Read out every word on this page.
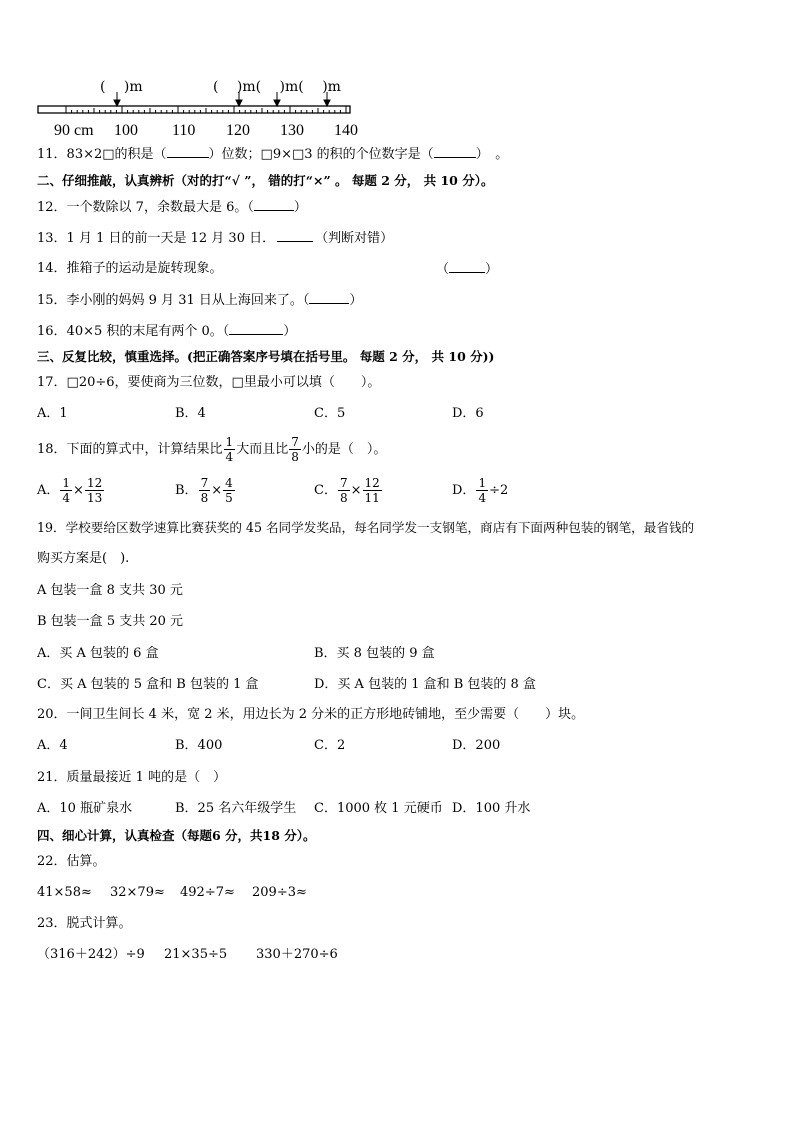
(　 )m	(　 )m(　 )m(　 )m
90 cm 100 110 120 130 140
11．83×2□的积是（	）位数；□9×□3 的积的个位数字是（	）　。
二、仔细推敲，认真辨析（对的打“√ ”， 错的打“×” 。 每题 2 分， 共 10 分）。
12．一个数除以 7，余数最大是 6。（	）
13．1 月 1 日的前一天是 12 月 30 日．	（判断对错）
14．推箱子的运动是旋转现象。	（	）
15．李小刚的妈妈 9 月 31 日从上海回来了。（	）
16．40×5 积的末尾有两个 0。（	）
三、反复比较，慎重选择。(把正确答案序号填在括号里。 每题 2 分， 共 10 分))
17．□20÷6，要使商为三位数，□里最小可以填（　　）。
A．1	B．4	C．5	D．6
18．下面的算式中，计算结果比 $\frac{1}{4}$ 大而且比 $\frac{7}{8}$ 小的是（　）。
A． $\frac{1}{4} \times \frac{12}{13}$	B． $\frac{7}{8} \times \frac{4}{5}$	C． $\frac{7}{8} \times \frac{12}{11}$	D． $\frac{1}{4} \div 2$
19．学校要给区数学速算比赛获奖的 45 名同学发奖品，每名同学发一支钢笔，商店有下面两种包装的钢笔，最省钱的
购买方案是(　).
A 包装一盒 8 支共 30 元
B 包装一盒 5 支共 20 元
A．买 A 包装的 6 盒	B．买 8 包装的 9 盒
C．买 A 包装的 5 盒和 B 包装的 1 盒	D．买 A 包装的 1 盒和 B 包装的 8 盒
20．一间卫生间长 4 米，宽 2 米，用边长为 2 分米的正方形地砖铺地，至少需要（　　）块。
A．4	B．400	C．2	D．200
21．质量最接近 1 吨的是（　）
A．10 瓶矿泉水	B．25 名六年级学生 C．1000 枚 1 元硬币 D．100 升水
四、细心计算，认真检查（每题6 分，共18 分）。
22．估算。
41×58≈ 32×79≈ 492÷7≈ 209÷3≈
23．脱式计算。
（316＋242）÷9 21×35÷5 330＋270÷6
